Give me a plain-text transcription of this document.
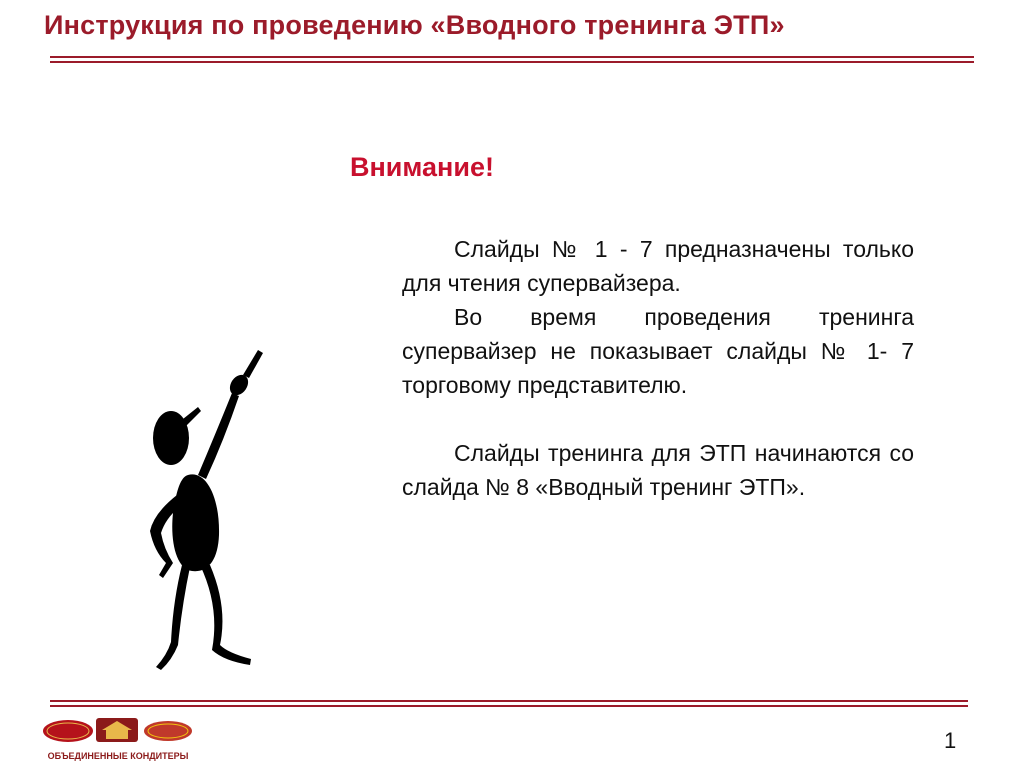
Инструкция по проведению «Вводного тренинга ЭТП»
Внимание!

Слайды № 1 - 7 предназначены только для чтения супервайзера.

Во время проведения тренинга супервайзер не показывает слайды № 1- 7 торговому представителю.

Слайды тренинга для ЭТП начинаются со слайда № 8 «Вводный тренинг ЭТП».

ОБЪЕДИНЕННЫЕ КОНДИТЕРЫ
1
